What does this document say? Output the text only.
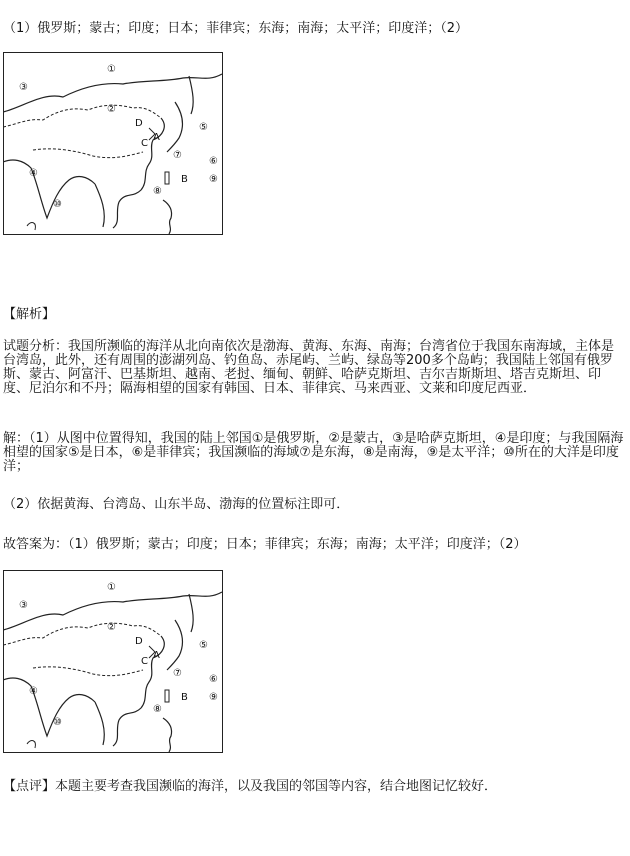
（1）俄罗斯；蒙古；印度；日本；菲律宾；东海；南海；太平洋；印度洋；（2）
①
②
③
④
⑤
⑥
⑦
⑧
⑨
⑩
A
B
C
D
【解析】
试题分析：我国所濒临的海洋从北向南依次是渤海、黄海、东海、南海；台湾省位于我国东南海域，主体是台湾岛，此外，还有周围的澎湖列岛、钓鱼岛、赤尾屿、兰屿、绿岛等200多个岛屿；我国陆上邻国有俄罗斯、蒙古、阿富汗、巴基斯坦、越南、老挝、缅甸、朝鲜、哈萨克斯坦、吉尔吉斯斯坦、塔吉克斯坦、印度、尼泊尔和不丹；隔海相望的国家有韩国、日本、菲律宾、马来西亚、文莱和印度尼西亚．
解：（1）从图中位置得知，我国的陆上邻国①是俄罗斯，②是蒙古，③是哈萨克斯坦，④是印度；与我国隔海相望的国家⑤是日本，⑥是菲律宾；我国濒临的海域⑦是东海，⑧是南海，⑨是太平洋；⑩所在的大洋是印度洋；
（2）依据黄海、台湾岛、山东半岛、渤海的位置标注即可．
故答案为：（1）俄罗斯；蒙古；印度；日本；菲律宾；东海；南海；太平洋；印度洋；（2）
①
②
③
④
⑤
⑥
⑦
⑧
⑨
⑩
A
B
C
D
【点评】本题主要考查我国濒临的海洋，以及我国的邻国等内容，结合地图记忆较好．
